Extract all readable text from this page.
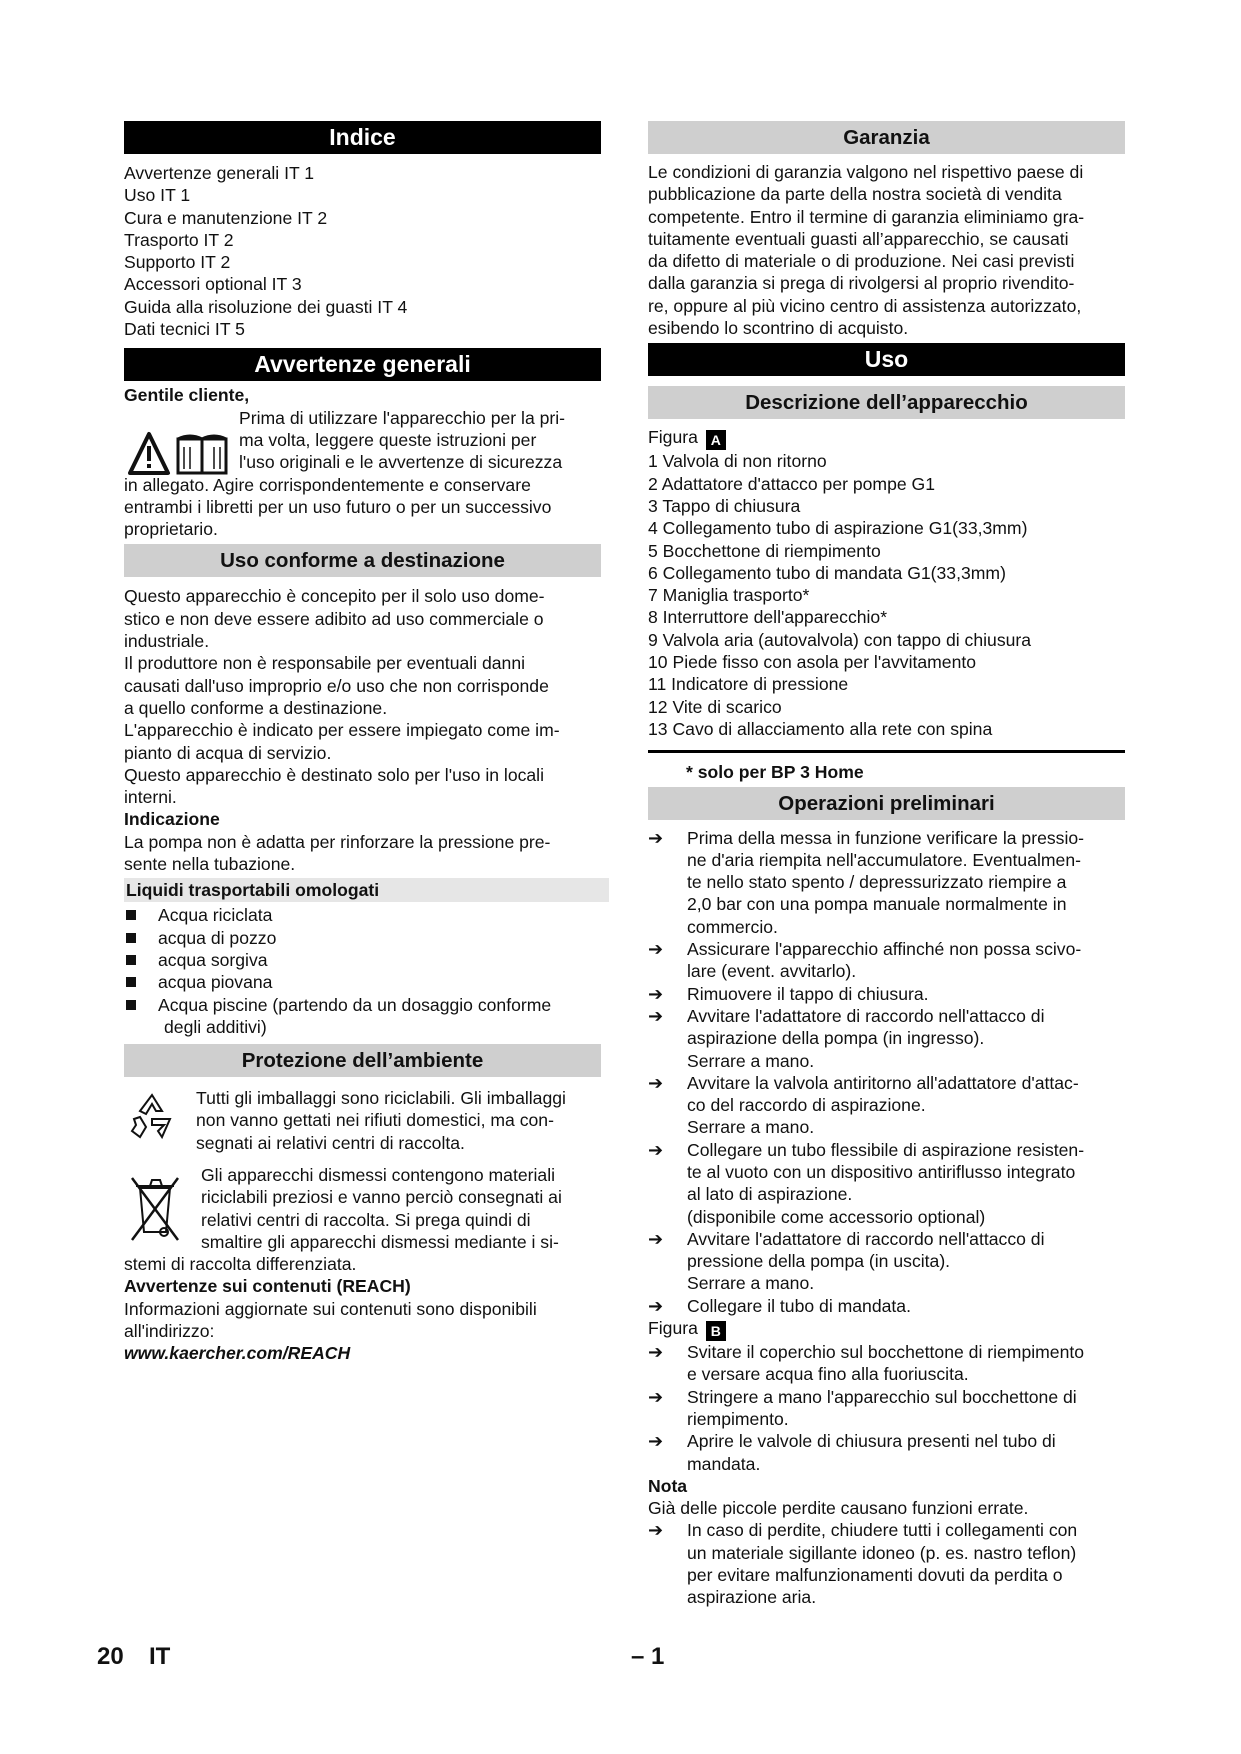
Indice
Avvertenze generali IT 1
Uso IT 1
Cura e manutenzione IT 2
Trasporto IT 2
Supporto IT 2
Accessori optional IT 3
Guida alla risoluzione dei guasti IT 4
Dati tecnici IT 5
Avvertenze generali
Gentile cliente,
Prima di utilizzare l'apparecchio per la pri-
ma volta, leggere queste istruzioni per
l'uso originali e le avvertenze di sicurezza
in allegato. Agire corrispondentemente e conservare
entrambi i libretti per un uso futuro o per un successivo
proprietario.
Uso conforme a destinazione
Questo apparecchio è concepito per il solo uso dome-
stico e non deve essere adibito ad uso commerciale o
industriale.
Il produttore non è responsabile per eventuali danni
causati dall'uso improprio e/o uso che non corrisponde
a quello conforme a destinazione.
L'apparecchio è indicato per essere impiegato come im-
pianto di acqua di servizio.
Questo apparecchio è destinato solo per l'uso in locali
interni.
Indicazione
La pompa non è adatta per rinforzare la pressione pre-
sente nella tubazione.
Liquidi trasportabili omologati
Acqua riciclata
acqua di pozzo
acqua sorgiva
acqua piovana
Acqua piscine (partendo da un dosaggio conforme
degli additivi)
Protezione dell’ambiente
Tutti gli imballaggi sono riciclabili. Gli imballaggi
non vanno gettati nei rifiuti domestici, ma con-
segnati ai relativi centri di raccolta.
Gli apparecchi dismessi contengono materiali
riciclabili preziosi e vanno perciò consegnati ai
relativi centri di raccolta. Si prega quindi di
smaltire gli apparecchi dismessi mediante i si-
stemi di raccolta differenziata.
Avvertenze sui contenuti (REACH)
Informazioni aggiornate sui contenuti sono disponibili
all'indirizzo:
www.kaercher.com/REACH
Garanzia
Le condizioni di garanzia valgono nel rispettivo paese di
pubblicazione da parte della nostra società di vendita
competente. Entro il termine di garanzia eliminiamo gra-
tuitamente eventuali guasti all’apparecchio, se causati
da difetto di materiale o di produzione. Nei casi previsti
dalla garanzia si prega di rivolgersi al proprio rivendito-
re, oppure al più vicino centro di assistenza autorizzato,
esibendo lo scontrino di acquisto.
Uso
Descrizione dell’apparecchio
Figura A
1 Valvola di non ritorno
2 Adattatore d'attacco per pompe G1
3 Tappo di chiusura
4 Collegamento tubo di aspirazione G1(33,3mm)
5 Bocchettone di riempimento
6 Collegamento tubo di mandata G1(33,3mm)
7 Maniglia trasporto*
8 Interruttore dell'apparecchio*
9 Valvola aria (autovalvola) con tappo di chiusura
10 Piede fisso con asola per l'avvitamento
11 Indicatore di pressione
12 Vite di scarico
13 Cavo di allacciamento alla rete con spina
* solo per BP 3 Home
Operazioni preliminari
➔ Prima della messa in funzione verificare la pressio-
ne d'aria riempita nell'accumulatore. Eventualmen-
te nello stato spento / depressurizzato riempire a
2,0 bar con una pompa manuale normalmente in
commercio.
➔ Assicurare l'apparecchio affinché non possa scivo-
lare (event. avvitarlo).
➔ Rimuovere il tappo di chiusura.
➔ Avvitare l'adattatore di raccordo nell'attacco di
aspirazione della pompa (in ingresso).
Serrare a mano.
➔ Avvitare la valvola antiritorno all'adattatore d'attac-
co del raccordo di aspirazione.
Serrare a mano.
➔ Collegare un tubo flessibile di aspirazione resisten-
te al vuoto con un dispositivo antiriflusso integrato
al lato di aspirazione.
(disponibile come accessorio optional)
➔ Avvitare l'adattatore di raccordo nell'attacco di
pressione della pompa (in uscita).
Serrare a mano.
➔ Collegare il tubo di mandata.
Figura B
➔ Svitare il coperchio sul bocchettone di riempimento
e versare acqua fino alla fuoriuscita.
➔ Stringere a mano l'apparecchio sul bocchettone di
riempimento.
➔ Aprire le valvole di chiusura presenti nel tubo di
mandata.
Nota
Già delle piccole perdite causano funzioni errate.
➔ In caso di perdite, chiudere tutti i collegamenti con
un materiale sigillante idoneo (p. es. nastro teflon)
per evitare malfunzionamenti dovuti da perdita o
aspirazione aria.
20 IT	– 1
